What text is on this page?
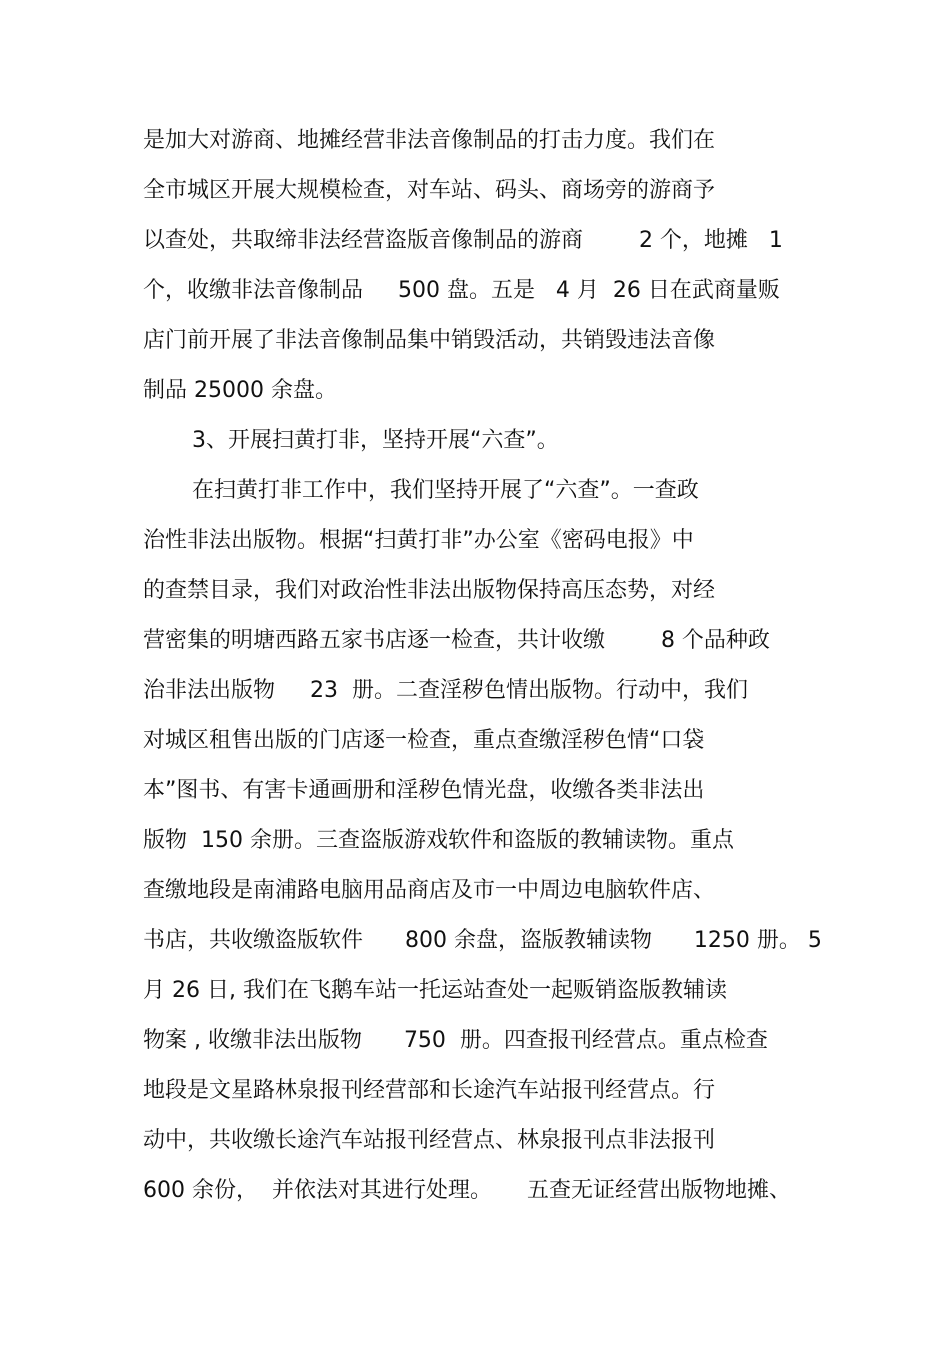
是加大对游商、地摊经营非法音像制品的打击力度。我们在

全市城区开展大规模检查，对车站、码头、商场旁的游商予

以查处，共取缔非法经营盗版音像制品的游商        2 个，地摊   1

个，收缴非法音像制品     500 盘。五是   4 月  26 日在武商量贩

店门前开展了非法音像制品集中销毁活动，共销毁违法音像

制品 25000 余盘。

3、开展扫黄打非，坚持开展“六查”。

在扫黄打非工作中，我们坚持开展了“六查”。一查政

治性非法出版物。根据“扫黄打非”办公室《密码电报》中

的查禁目录，我们对政治性非法出版物保持高压态势，对经

营密集的明塘西路五家书店逐一检查，共计收缴        8 个品种政

治非法出版物     23  册。二查淫秽色情出版物。行动中，我们

对城区租售出版的门店逐一检查，重点查缴淫秽色情“口袋

本”图书、有害卡通画册和淫秽色情光盘，收缴各类非法出

版物  150 余册。三查盗版游戏软件和盗版的教辅读物。重点

查缴地段是南浦路电脑用品商店及市一中周边电脑软件店、

书店，共收缴盗版软件      800 余盘，盗版教辅读物      1250 册。 5

月 26 日, 我们在飞鹅车站一托运站查处一起贩销盗版教辅读

物案 , 收缴非法出版物      750  册。四查报刊经营点。重点检查

地段是文星路林泉报刊经营部和长途汽车站报刊经营点。行

动中，共收缴长途汽车站报刊经营点、林泉报刊点非法报刊

600 余份，  并依法对其进行处理。     五查无证经营出版物地摊、
